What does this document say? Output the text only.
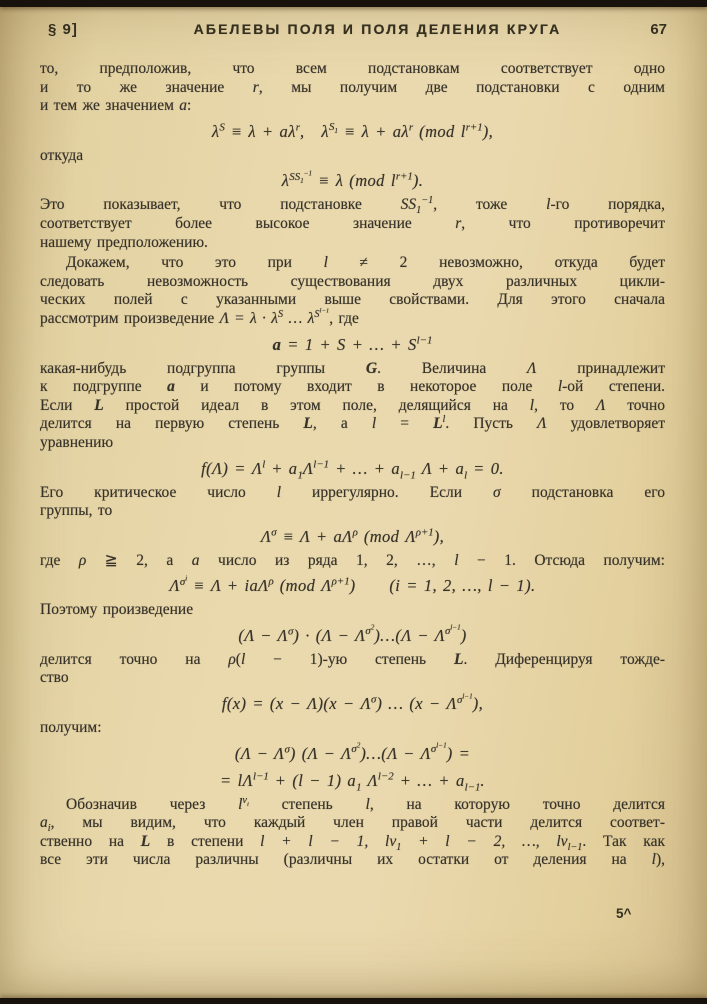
§ 9]	АБЕЛЕВЫ ПОЛЯ И ПОЛЯ ДЕЛЕНИЯ КРУГА	67
то, предположив, что всем подстановкам соответствует одно
и то же значение r, мы получим две подстановки с одним
и тем же значением a:
$\lambda^S \equiv \lambda + a\lambda^r$, $\lambda^{S_1} \equiv \lambda + a\lambda^r$ (mod $l^{r+1}$),
откуда
$\lambda^{SS_1^{-1}} \equiv \lambda$ (mod $l^{r+1}$).
Это показывает, что подстановке $SS_1^{-1}$, тоже l-го порядка,
соответствует более высокое значение r, что противоречит
нашему предположению.
Докажем, что это при l ≠ 2 невозможно, откуда будет
следовать невозможность существования двух различных цикли-
ческих полей с указанными выше свойствами. Для этого сначала
рассмотрим произведение $\Lambda = \lambda \cdot \lambda^S$ … $\lambda^{S^{l-1}}$, где
a = 1 + S + … + $S^{l-1}$
какая-нибудь подгруппа группы G. Величина Λ принадлежит
к подгруппе a и потому входит в некоторое поле l-ой степени.
Если L простой идеал в этом поле, делящийся на l, то Λ точно
делится на первую степень L, а $l = L^l$. Пусть Λ удовлетворяет
уравнению
$f(\Lambda) = \Lambda^l + a_1\Lambda^{l-1}$ + … + $a_{l-1}$ $\Lambda + a_l = 0$.
Его критическое число l иррегулярно. Если σ подстановка его
группы, то
$\Lambda^\sigma \equiv \Lambda + a\Lambda^\rho$ (mod $\Lambda^{\rho+1}$),
где ρ ≧ 2, а a число из ряда 1, 2, …, l − 1. Отсюда получим:
$\Lambda^{\sigma^i} \equiv \Lambda + ia\Lambda^\rho$ (mod $\Lambda^{\rho+1}$)  (i = 1, 2, …, l − 1).
Поэтому произведение
$(\Lambda - \Lambda^\sigma) \cdot (\Lambda$ − $\Lambda^{\sigma^2})\dots(\Lambda - \Lambda^{\sigma^{l-1}})$
делится точно на ρ(l − 1)-ую степень L. Диференцируя тожде-
ство
$f(x) = (x - \Lambda)(x - \Lambda^\sigma)$ … $(x - \Lambda^{\sigma^{l-1}})$,
получим:
$(\Lambda - \Lambda^\sigma)$ $(\Lambda - \Lambda^{\sigma^2})\dots(\Lambda - \Lambda^{\sigma^{l-1}})$ =
= $l\Lambda^{l-1} + (l - 1)$ $a_1$ $\Lambda^{l-2}$ + … + $a_{l-1}$.
Обозначив через $l^{v_i}$ степень l, на которую точно делится
$a_i$, мы видим, что каждый член правой части делится соответ-
ственно на L в степени l + l − 1, $lv_1 + l - 2$, …, $lv_{l-1}$. Так как
все эти числа различны (различны их остатки от деления на l),
5^
